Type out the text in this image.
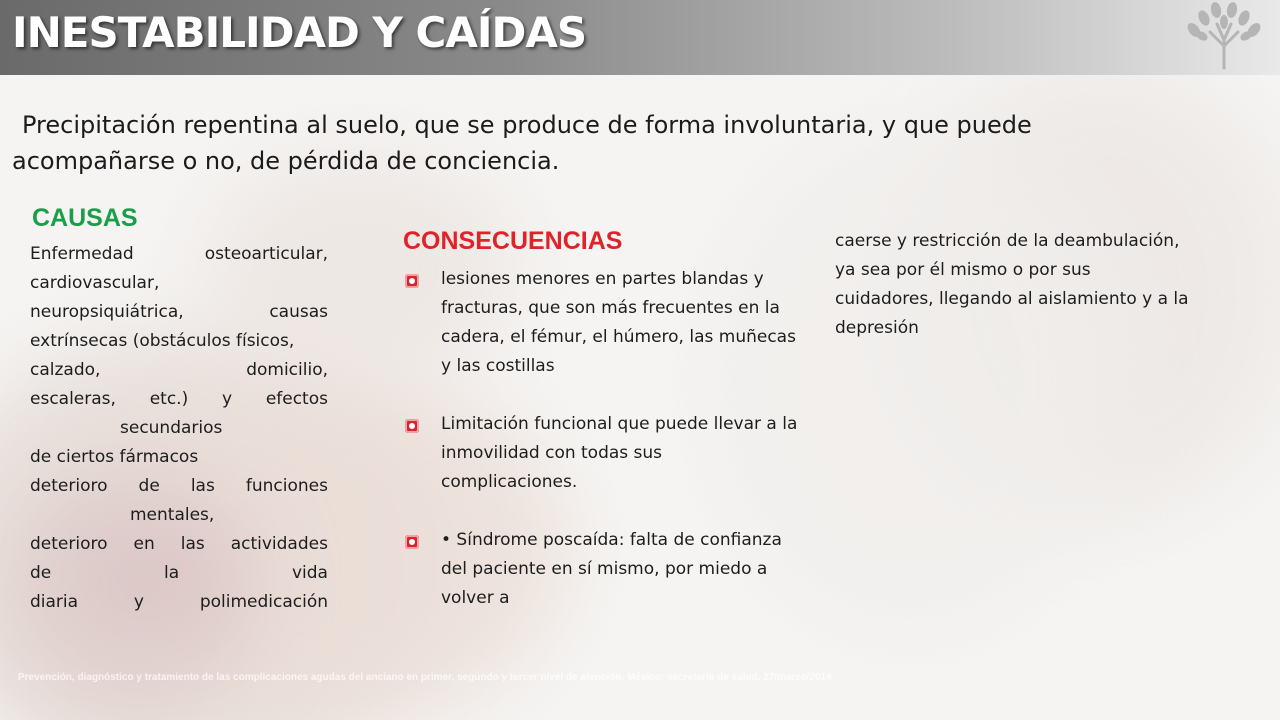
INESTABILIDAD Y CAÍDAS
Precipitación repentina al suelo, que se produce de forma involuntaria, y que puede acompañarse o no, de pérdida de conciencia.
CAUSAS
Enfermedad	osteoarticular,
cardiovascular,
neuropsiquiátrica,	causas
extrínsecas (obstáculos físicos,
calzado,	domicilio,
escaleras, etc.) y efectos
secundarios
de ciertos fármacos
deterioro de las funciones
mentales,
deterioro en las actividades
de	la	vida
diaria	y	polimedicación
CONSECUENCIAS
lesiones menores en partes blandas y fracturas, que son más frecuentes en la cadera, el fémur, el húmero, las muñecas y las costillas
Limitación funcional que puede llevar a la inmovilidad con todas sus complicaciones.
• Síndrome poscaída: falta de confianza del paciente en sí mismo, por miedo a volver a
caerse y restricción de la deambulación, ya sea por él mismo o por sus cuidadores, llegando al aislamiento y a la depresión
Prevención, diagnóstico y tratamiento de las complicaciones agudas del anciano en primer, segundo y tercer nivel de atención. México: secretaria de salud. 27/marzo/2014
